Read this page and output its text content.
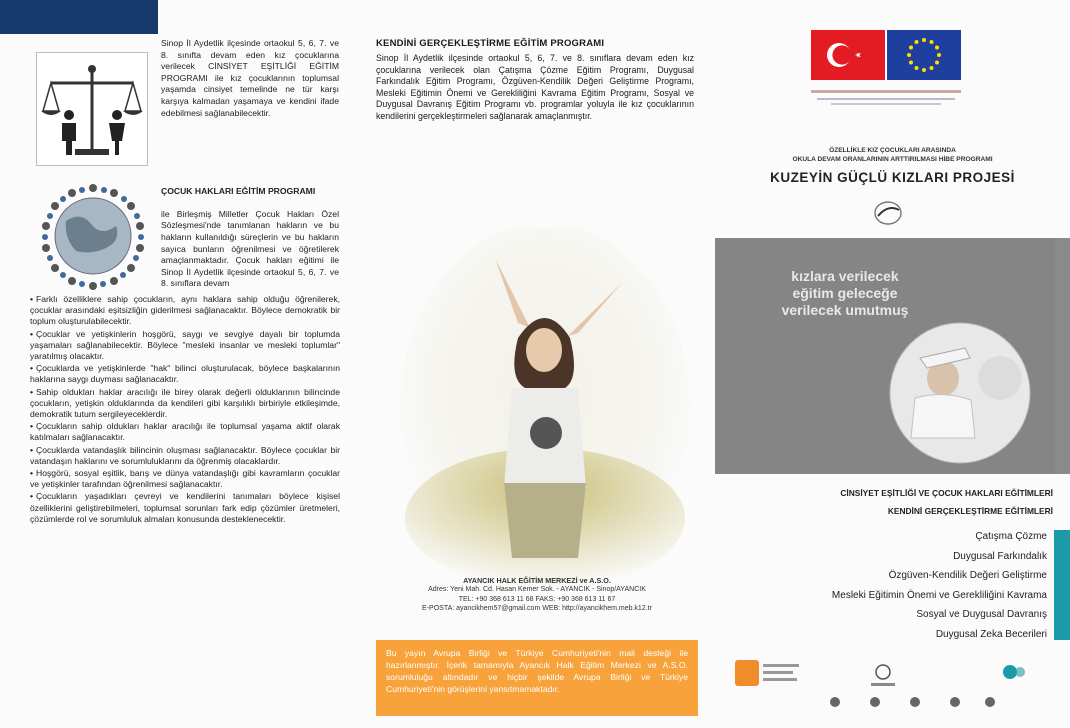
Sinop İl Aydetlik ilçesinde ortaokul 5, 6, 7. ve 8. sınıfta devam eden kız çocuklarına verilecek CİNSİYET EŞİTLİĞİ EĞİTİM PROGRAMI ile kız çocuklarının toplumsal yaşamda cinsiyet temelinde ne tür karşı karşıya kalmadan yaşamaya ve kendini ifade edebilmesi sağlanabilecektir.

ÇOCUK HAKLARI EĞİTİM PROGRAMI

ile Birleşmiş Milletler Çocuk Hakları Özel Sözleşmesi'nde tanımlanan hakların ve bu hakların kullanıldığı süreçlerin ve bu hakların sayıca bunların öğrenilmesi ve öğretilerek amaçlanmaktadır. Çocuk hakları eğitimi ile Sinop İl Aydetlik ilçesinde ortaokul 5, 6, 7. ve 8. sınıflara devam

• Farklı özelliklere sahip çocukların, aynı haklara sahip olduğu öğrenilerek, çocuklar arasındaki eşitsizliğin giderilmesi sağlanacaktır. Böylece demokratik bir toplum oluşturulabilecektir.
• Çocuklar ve yetişkinlerin hoşgörü, saygı ve sevgiye dayalı bir toplumda yaşamaları sağlanabilecektir. Böylece "mesleki insanlar ve mesleki toplumlar" yaratılmış olacaktır.
• Çocuklarda ve yetişkinlerde "hak" bilinci oluşturulacak, böylece başkalarının haklarına saygı duyması sağlanacaktır.
• Sahip oldukları haklar aracılığı ile birey olarak değerli olduklarının bilincinde çocukların, yetişkin olduklarında da kendileri gibi karşılıklı birbiriyle etkileşimde, demokratik tutum sergileyeceklerdir.
• Çocukların sahip oldukları haklar aracılığı ile toplumsal yaşama aktif olarak katılmaları sağlanacaktır.
• Çocuklarda vatandaşlık bilincinin oluşması sağlanacaktır. Böylece çocuklar bir vatandaşın haklarını ve sorumluluklarını da öğrenmiş olacaklardır.
• Hoşgörü, sosyal eşitlik, barış ve dünya vatandaşlığı gibi kavramların çocuklar ve yetişkinler tarafından öğrenilmesi sağlanacaktır.
• Çocukların yaşadıkları çevreyi ve kendilerini tanımaları böylece kişisel özelliklerini geliştirebilmeleri, toplumsal sorunları fark edip çözümler üretmeleri, çözümlerde rol ve sorumluluk almaları konusunda desteklenecektir.
KENDİNİ GERÇEKLEŞTİRME EĞİTİM PROGRAMI
Sinop İl Aydetlik ilçesinde ortaokul 5, 6, 7. ve 8. sınıflara devam eden kız çocuklarına verilecek olan Çatışma Çözme Eğitim Programı, Duygusal Farkındalık Eğitim Programı, Özgüven-Kendilik Değeri Geliştirme Programı, Mesleki Eğitimin Önemi ve Gerekliliğini Kavrama Eğitim Programı, Sosyal ve Duygusal Davranış Eğitim Programı vb. programlar yoluyla ile kız çocuklarının kendilerini gerçekleştirmeleri sağlanarak amaçlanmıştır.
AYANCIK HALK EĞİTİM MERKEZİ ve A.S.O.
Adres: Yeni Mah. Cd. Hasan Kemer Sok. - AYANCIK - Sinop/AYANCIK
TEL: +90 368 613 11 68 FAKS: +90 368 613 11 67
E-POSTA: ayancikhem57@gmail.com WEB: http://ayancikhem.meb.k12.tr
Bu yayın Avrupa Birliği ve Türkiye Cumhuriyeti'nin mali desteği ile hazırlanmıştır. İçerik tamamıyla Ayancık Halk Eğitim Merkezi ve A.S.O. sorumluluğu altındadır ve hiçbir şekilde Avrupa Birliği ve Türkiye Cumhuriyeti'nin görüşlerini yansıtmamaktadır.
ÖZELLİKLE KIZ ÇOCUKLARI ARASINDA
OKULA DEVAM ORANLARININ ARTTIRILMASI HİBE PROGRAMI
KUZEYİN GÜÇLÜ KIZLARI PROJESİ
kızlara verilecek eğitim geleceğe verilecek umutmuş
CİNSİYET EŞİTLİĞİ VE ÇOCUK HAKLARI EĞİTİMLERİ
KENDİNİ GERÇEKLEŞTİRME EĞİTİMLERİ
Çatışma Çözme
Duygusal Farkındalık
Özgüven-Kendilik Değeri Geliştirme
Mesleki Eğitimin Önemi ve Gerekliliğini Kavrama
Sosyal ve Duygusal Davranış
Duygusal Zeka Becerileri
